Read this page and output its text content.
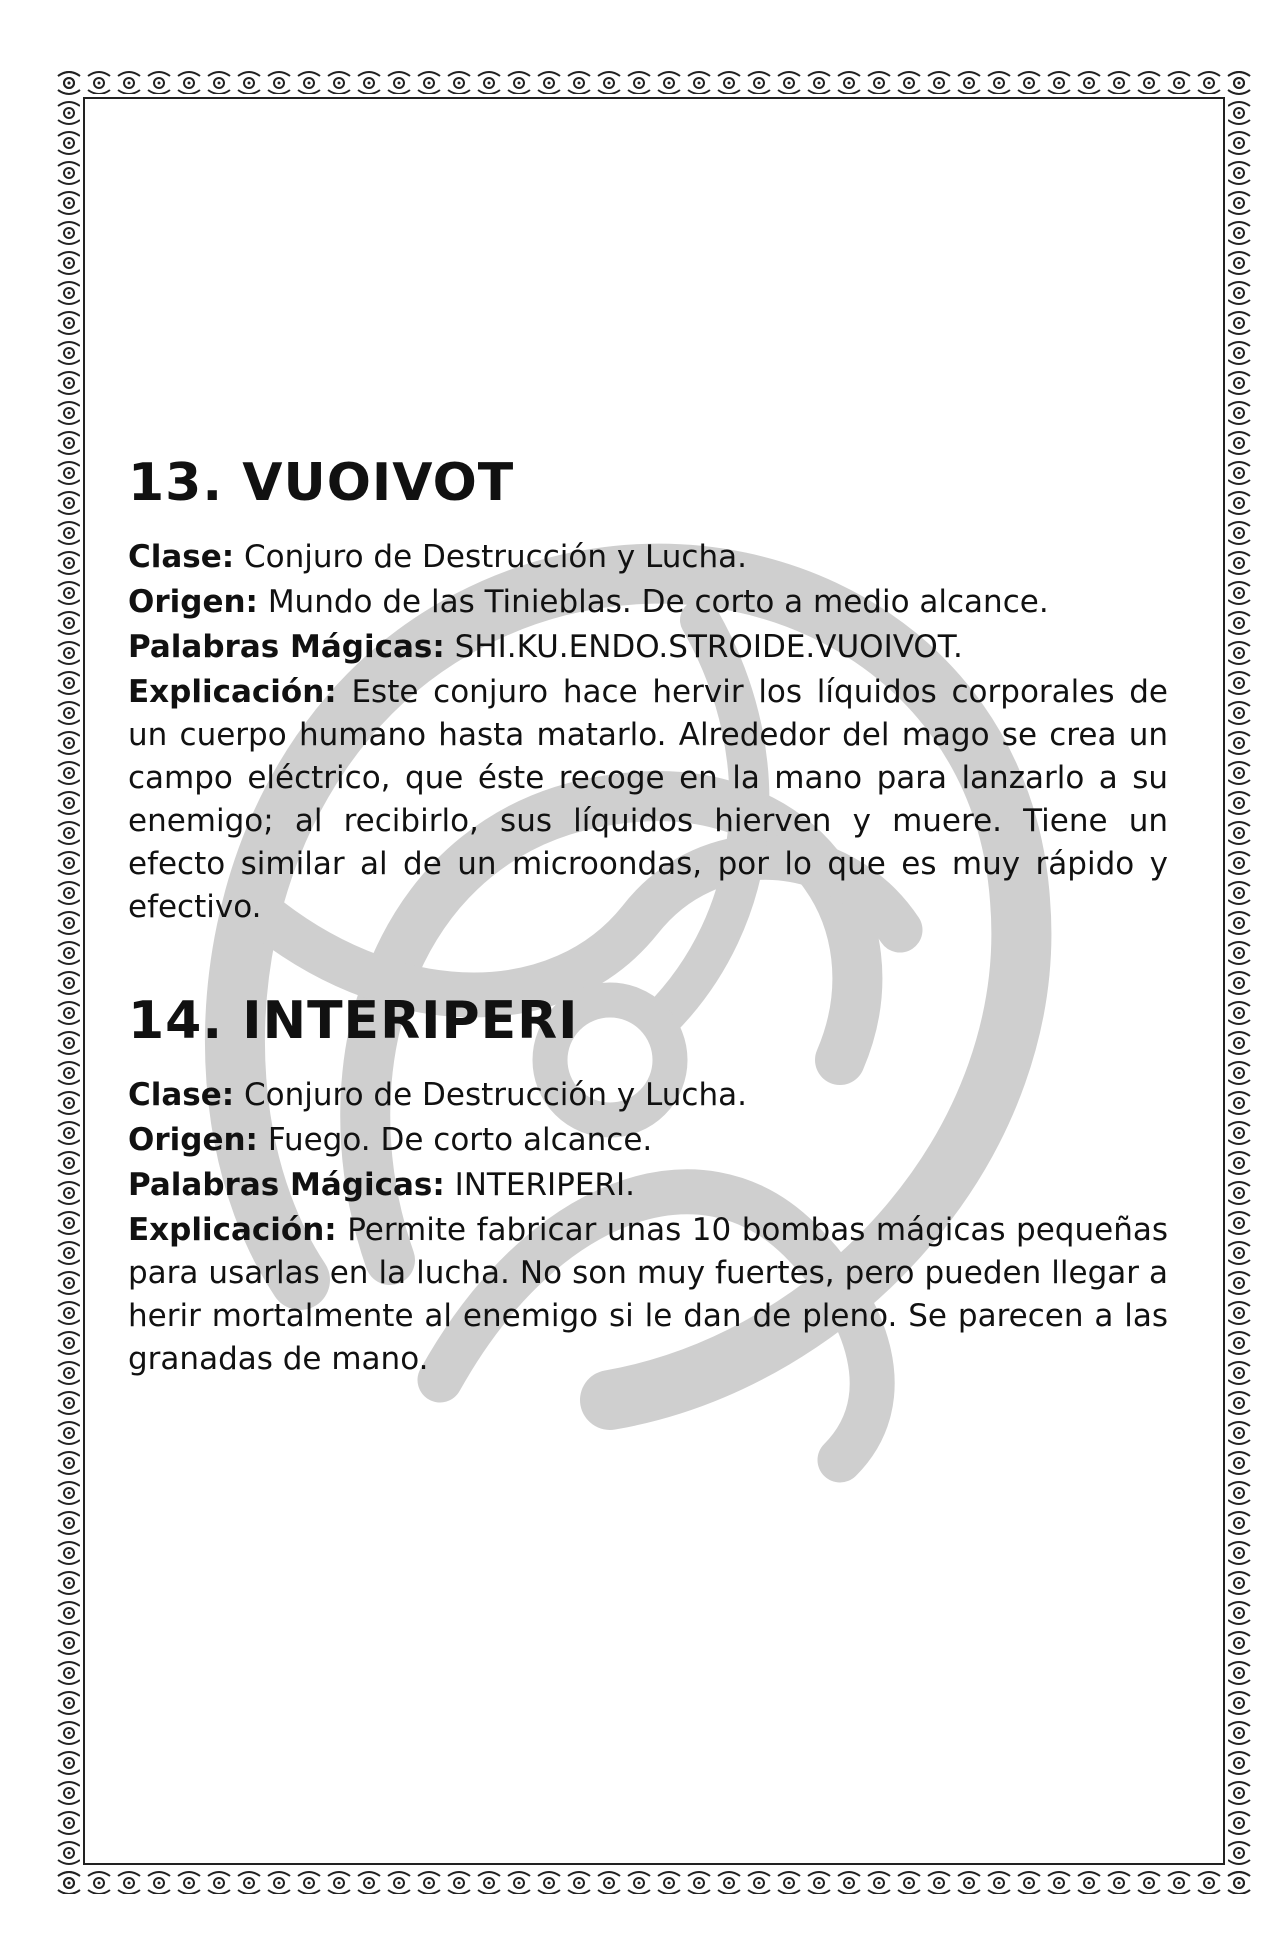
13. VUOIVOT

Clase: Conjuro de Destrucción y Lucha.

Origen: Mundo de las Tinieblas. De corto a medio alcance.

Palabras Mágicas: SHI.KU.ENDO.STROIDE.VUOIVOT.

Explicación: Este conjuro hace hervir los líquidos corporales de un cuerpo humano hasta matarlo. Alrededor del mago se crea un campo eléctrico, que éste recoge en la mano para lanzarlo a su enemigo; al recibirlo, sus líquidos hierven y muere. Tiene un efecto similar al de un microondas, por lo que es muy rápido y efectivo.

14. INTERIPERI

Clase: Conjuro de Destrucción y Lucha.

Origen: Fuego. De corto alcance.

Palabras Mágicas: INTERIPERI.

Explicación: Permite fabricar unas 10 bombas mágicas pequeñas para usarlas en la lucha. No son muy fuertes, pero pueden llegar a herir mortalmente al enemigo si le dan de pleno. Se parecen a las granadas de mano.
